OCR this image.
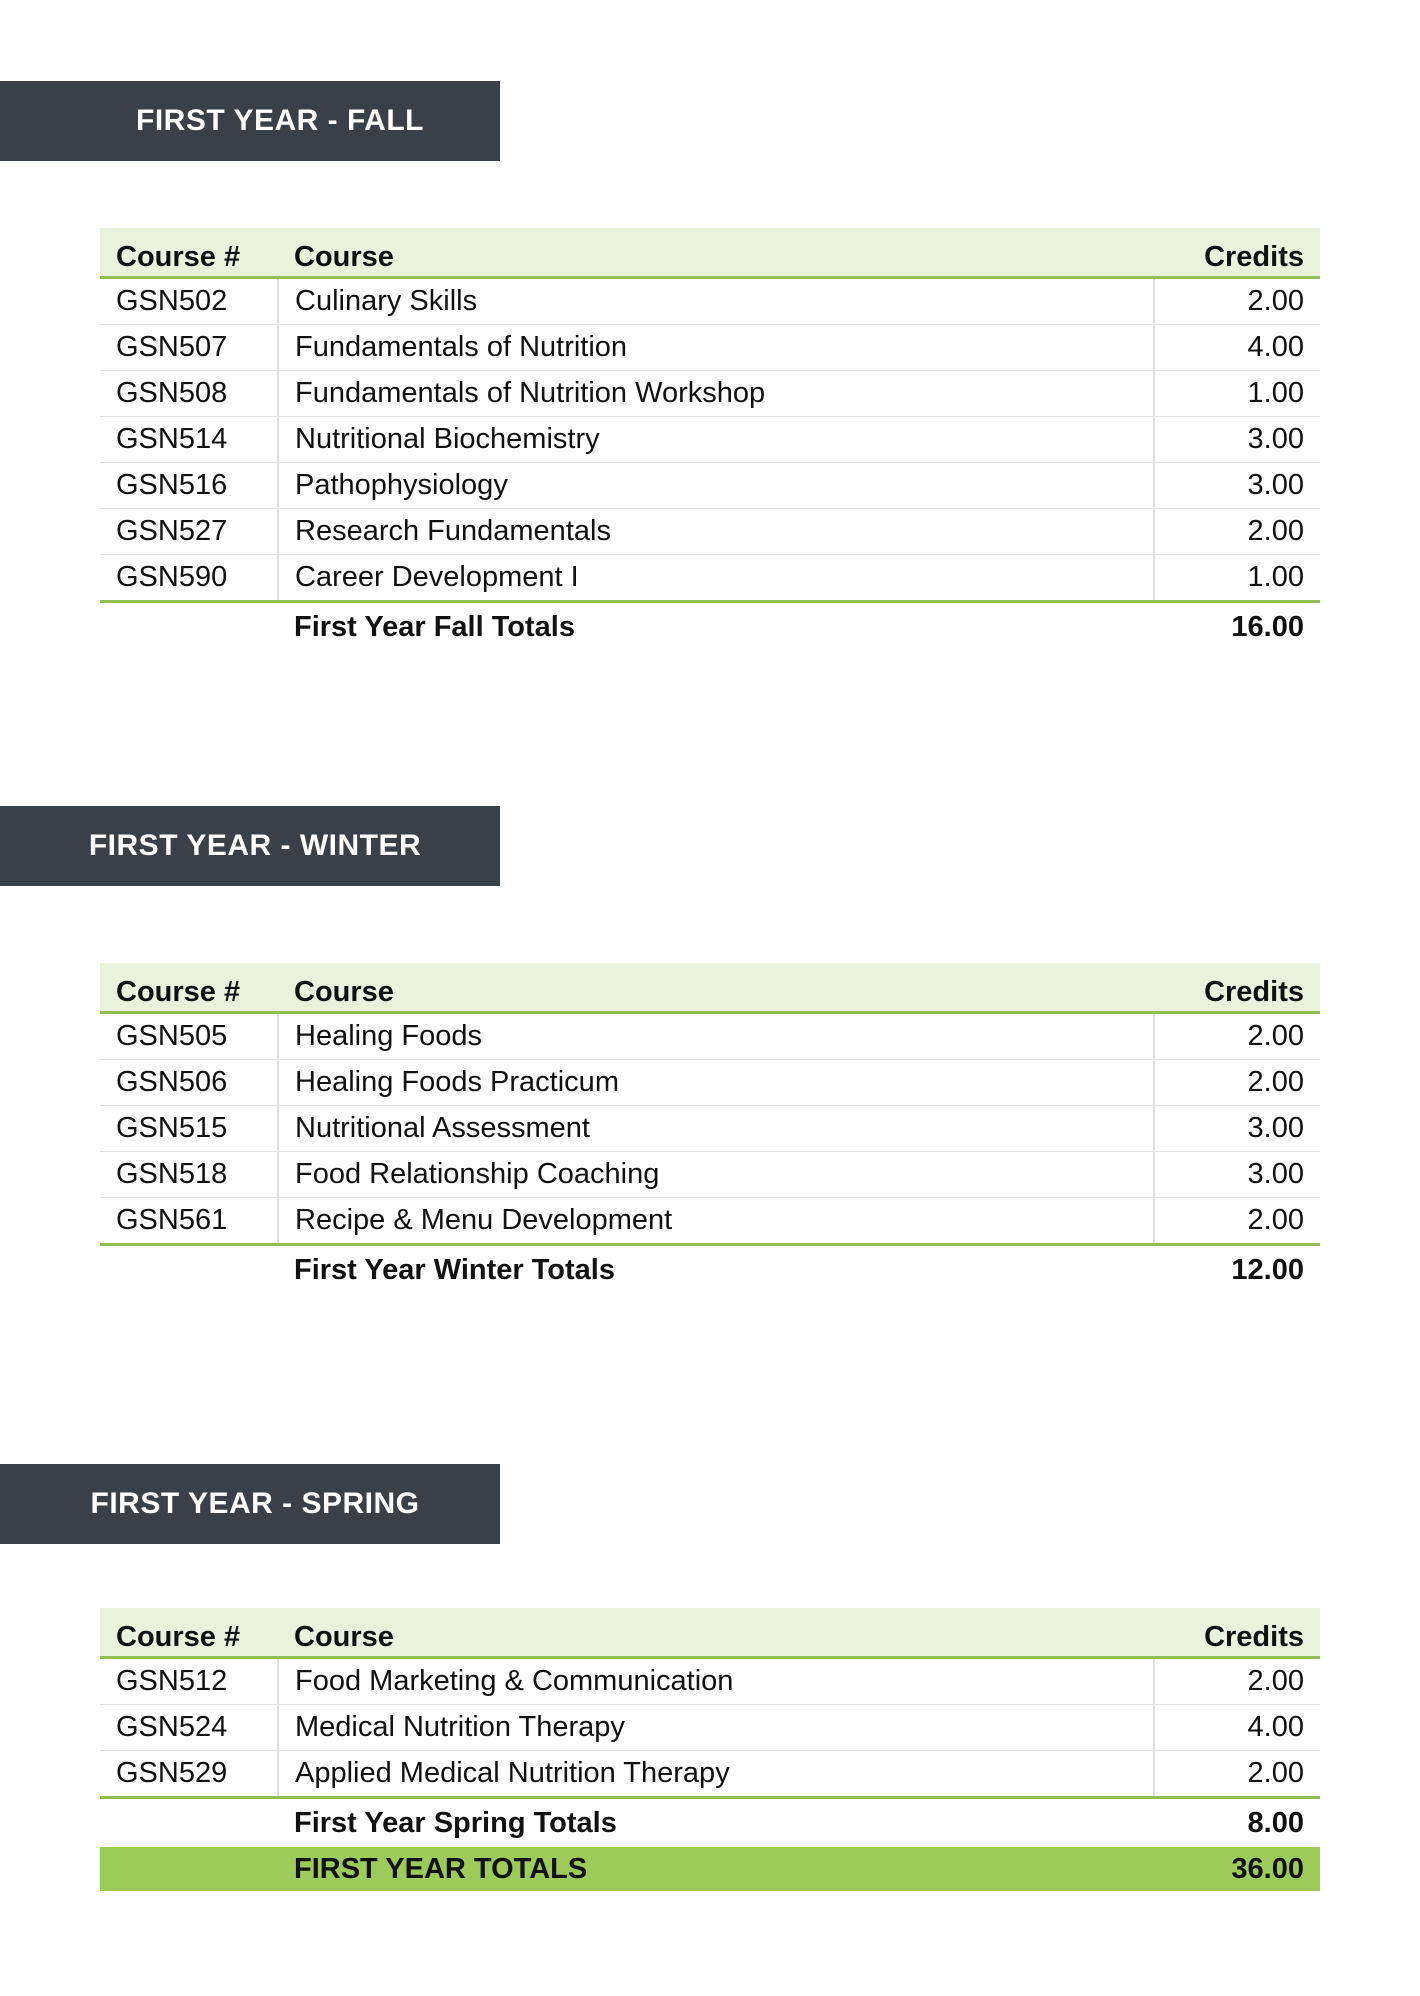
FIRST YEAR - FALL
Course #	Course	Credits
GSN502	Culinary Skills	2.00
GSN507	Fundamentals of Nutrition	4.00
GSN508	Fundamentals of Nutrition Workshop	1.00
GSN514	Nutritional Biochemistry	3.00
GSN516	Pathophysiology	3.00
GSN527	Research Fundamentals	2.00
GSN590	Career Development I	1.00
	First Year Fall Totals	16.00
FIRST YEAR - WINTER
Course #	Course	Credits
GSN505	Healing Foods	2.00
GSN506	Healing Foods Practicum	2.00
GSN515	Nutritional Assessment	3.00
GSN518	Food Relationship Coaching	3.00
GSN561	Recipe & Menu Development	2.00
	First Year Winter Totals	12.00
FIRST YEAR - SPRING
Course #	Course	Credits
GSN512	Food Marketing & Communication	2.00
GSN524	Medical Nutrition Therapy	4.00
GSN529	Applied Medical Nutrition Therapy	2.00
	First Year Spring Totals	8.00
	FIRST YEAR TOTALS	36.00
